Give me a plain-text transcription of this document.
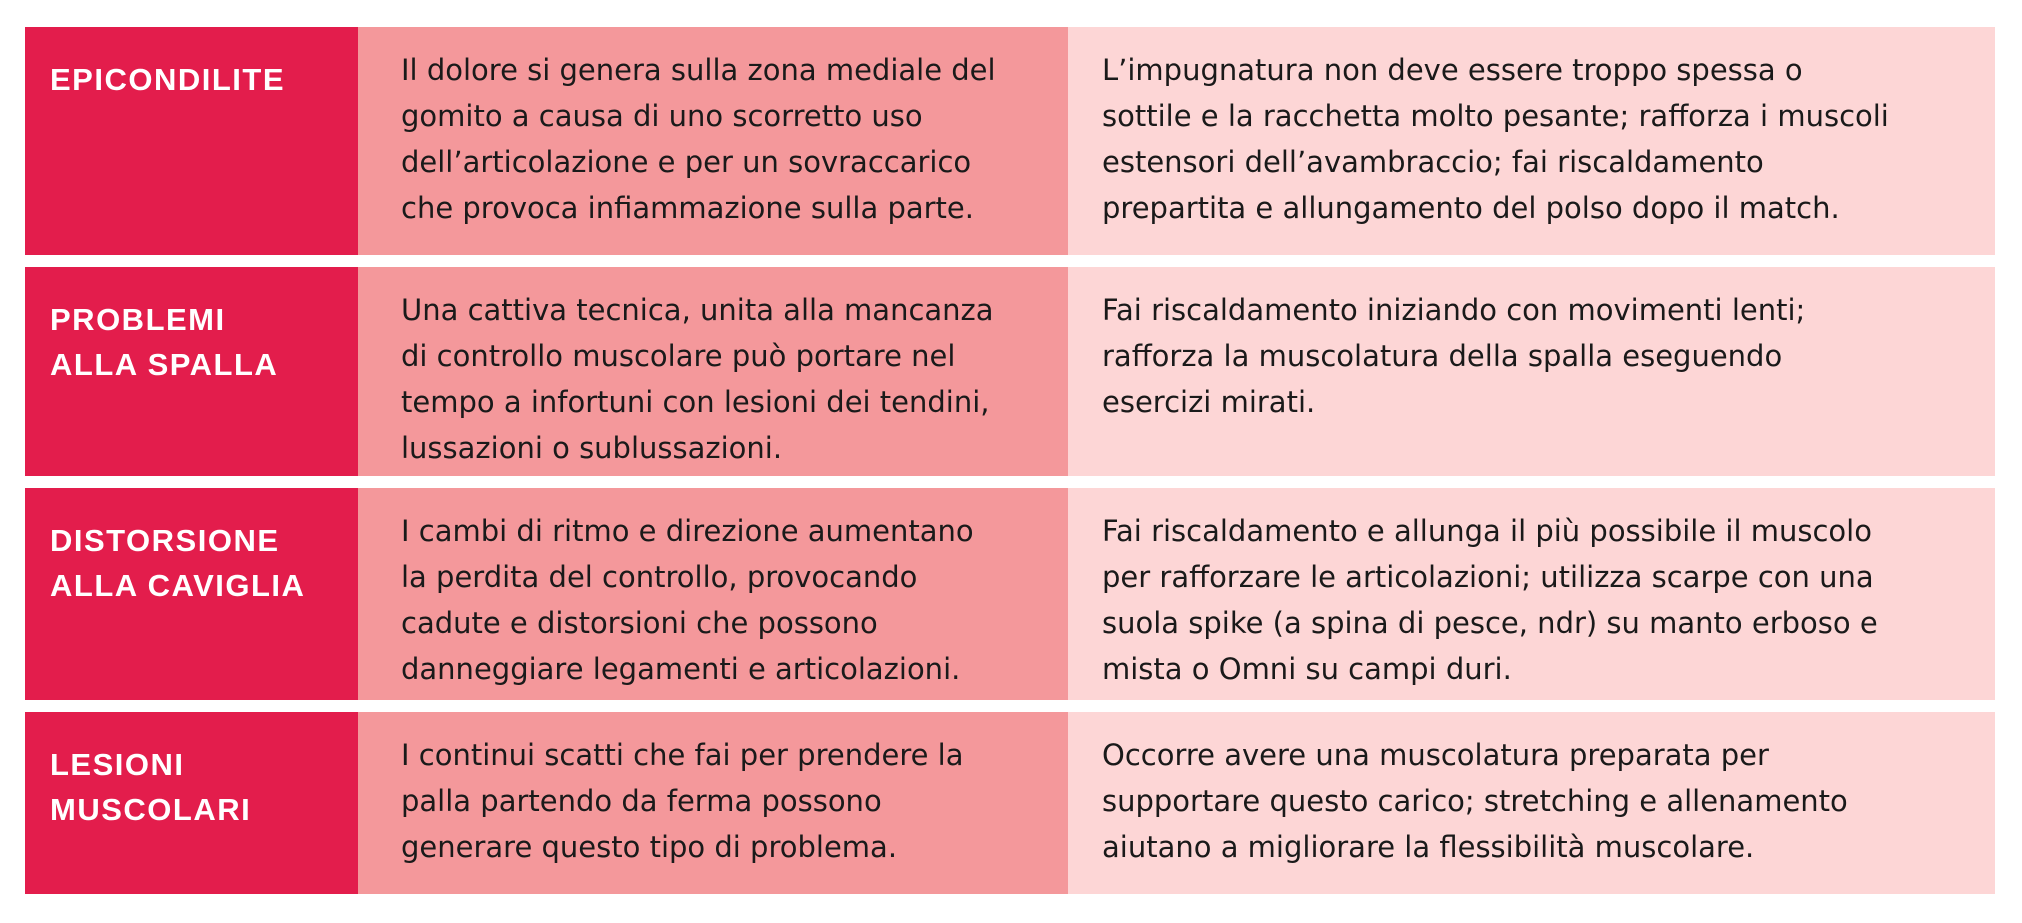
EPICONDILITE	Il dolore si genera sulla zona mediale del
gomito a causa di uno scorretto uso
dell’articolazione e per un sovraccarico
che provoca infiammazione sulla parte.
L’impugnatura non deve essere troppo spessa o
sottile e la racchetta molto pesante; rafforza i muscoli
estensori dell’avambraccio; fai riscaldamento
prepartita e allungamento del polso dopo il match.
PROBLEMI
ALLA SPALLA
Una cattiva tecnica, unita alla mancanza
di controllo muscolare può portare nel
tempo a infortuni con lesioni dei tendini,
lussazioni o sublussazioni.
Fai riscaldamento iniziando con movimenti lenti;
rafforza la muscolatura della spalla eseguendo
esercizi mirati.
DISTORSIONE
ALLA CAVIGLIA
I cambi di ritmo e direzione aumentano
la perdita del controllo, provocando
cadute e distorsioni che possono
danneggiare legamenti e articolazioni.
Fai riscaldamento e allunga il più possibile il muscolo
per rafforzare le articolazioni; utilizza scarpe con una
suola spike (a spina di pesce, ndr) su manto erboso e
mista o Omni su campi duri.
LESIONI
MUSCOLARI
I continui scatti che fai per prendere la
palla partendo da ferma possono
generare questo tipo di problema.
Occorre avere una muscolatura preparata per
supportare questo carico; stretching e allenamento
aiutano a migliorare la flessibilità muscolare.
